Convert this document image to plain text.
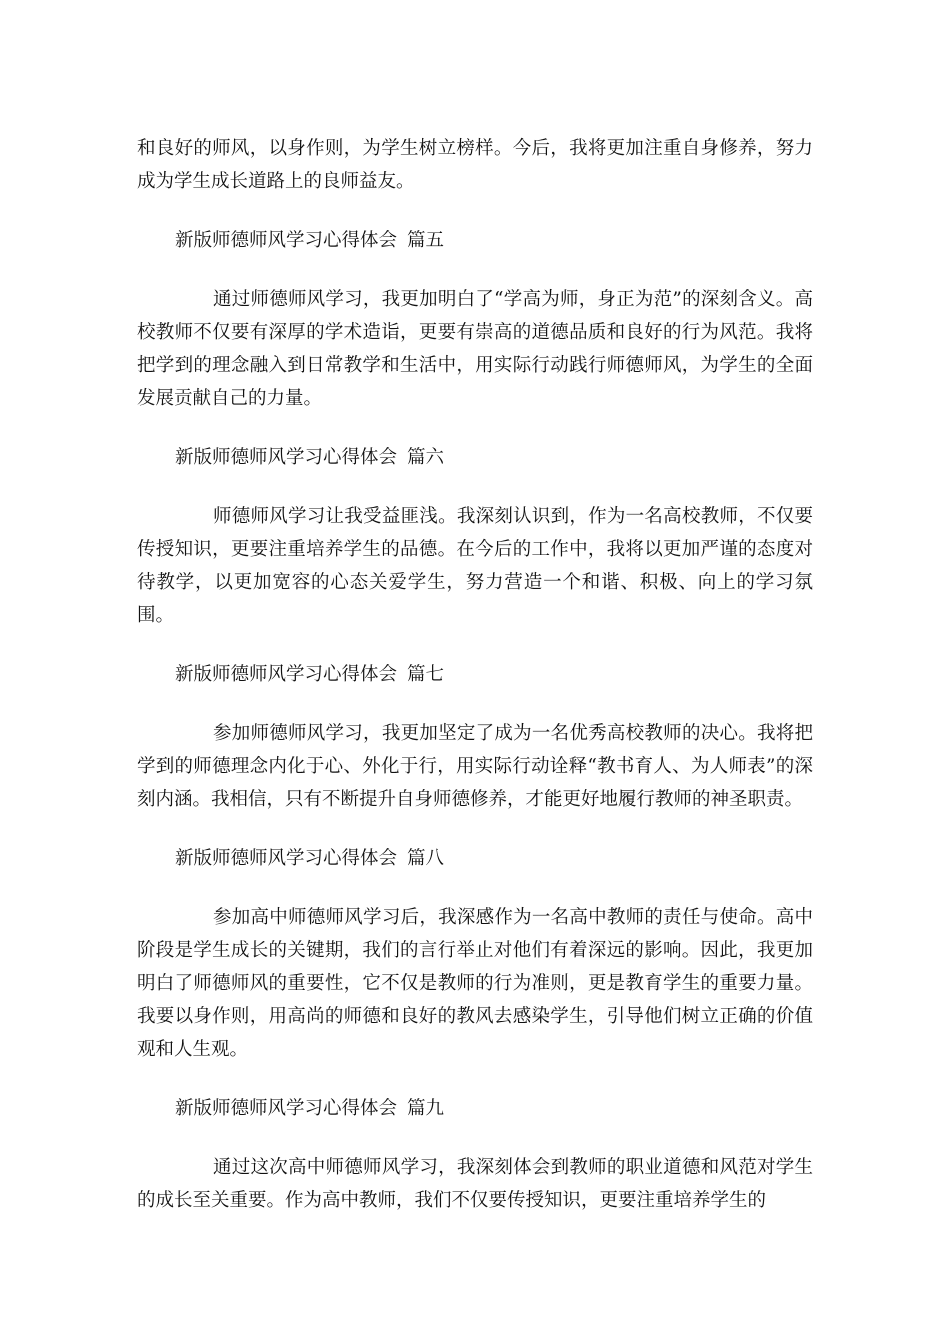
和良好的师风，以身作则，为学生树立榜样。今后，我将更加注重自身修养，努力成为学生成长道路上的良师益友。

新版师德师风学习心得体会 篇五

通过师德师风学习，我更加明白了“学高为师，身正为范”的深刻含义。高校教师不仅要有深厚的学术造诣，更要有崇高的道德品质和良好的行为风范。我将把学到的理念融入到日常教学和生活中，用实际行动践行师德师风，为学生的全面发展贡献自己的力量。

新版师德师风学习心得体会 篇六

师德师风学习让我受益匪浅。我深刻认识到，作为一名高校教师，不仅要传授知识，更要注重培养学生的品德。在今后的工作中，我将以更加严谨的态度对待教学，以更加宽容的心态关爱学生，努力营造一个和谐、积极、向上的学习氛围。

新版师德师风学习心得体会 篇七

参加师德师风学习，我更加坚定了成为一名优秀高校教师的决心。我将把学到的师德理念内化于心、外化于行，用实际行动诠释“教书育人、为人师表”的深刻内涵。我相信，只有不断提升自身师德修养，才能更好地履行教师的神圣职责。

新版师德师风学习心得体会 篇八

参加高中师德师风学习后，我深感作为一名高中教师的责任与使命。高中阶段是学生成长的关键期，我们的言行举止对他们有着深远的影响。因此，我更加明白了师德师风的重要性，它不仅是教师的行为准则，更是教育学生的重要力量。我要以身作则，用高尚的师德和良好的教风去感染学生，引导他们树立正确的价值观和人生观。

新版师德师风学习心得体会 篇九

通过这次高中师德师风学习，我深刻体会到教师的职业道德和风范对学生的成长至关重要。作为高中教师，我们不仅要传授知识，更要注重培养学生的
